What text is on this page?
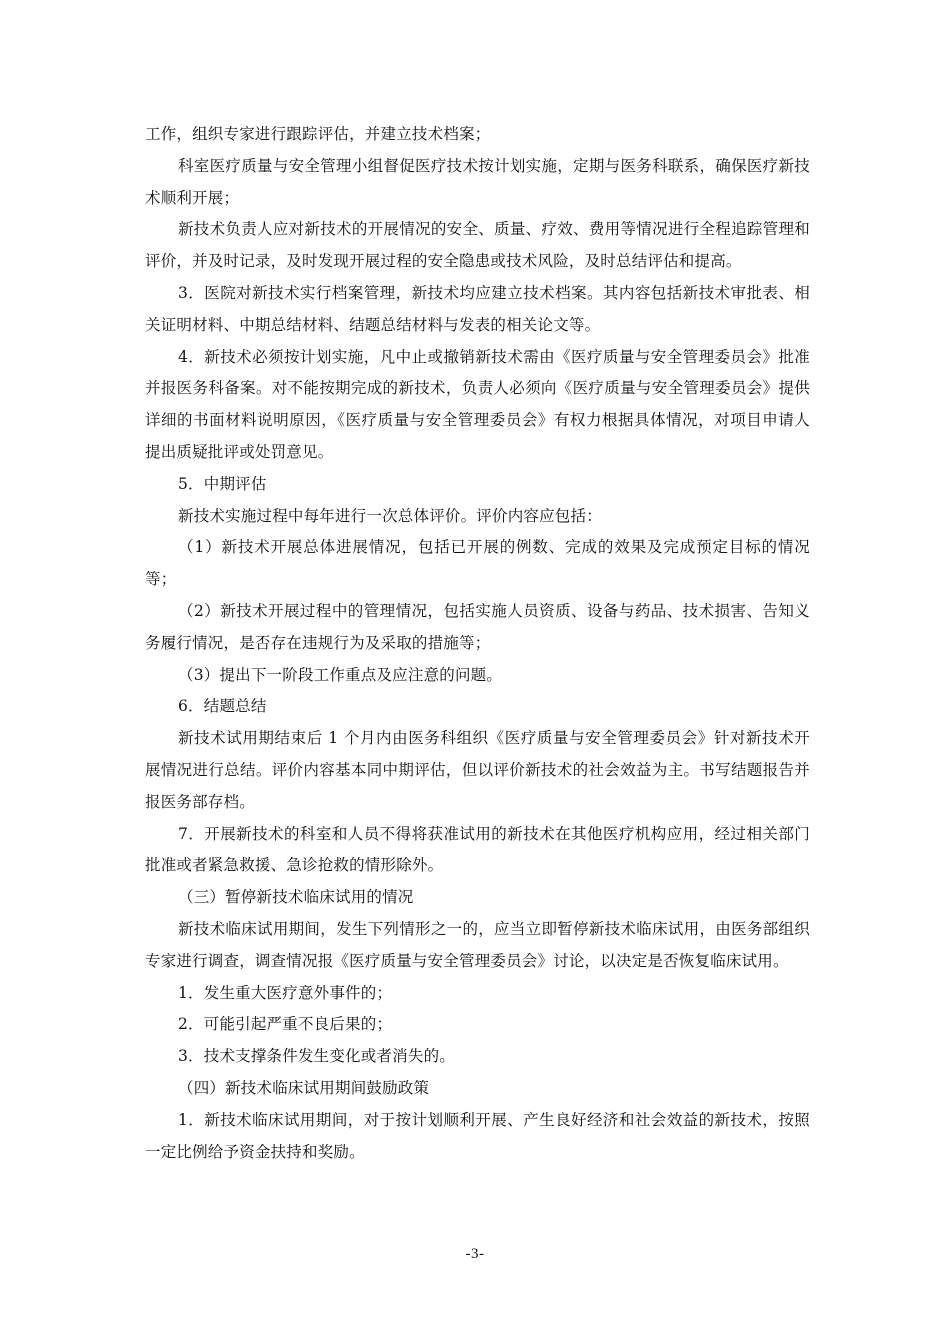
工作，组织专家进行跟踪评估，并建立技术档案；

科室医疗质量与安全管理小组督促医疗技术按计划实施，定期与医务科联系，确保医疗新技术顺利开展；

新技术负责人应对新技术的开展情况的安全、质量、疗效、费用等情况进行全程追踪管理和评价，并及时记录，及时发现开展过程的安全隐患或技术风险，及时总结评估和提高。

3．医院对新技术实行档案管理，新技术均应建立技术档案。其内容包括新技术审批表、相关证明材料、中期总结材料、结题总结材料与发表的相关论文等。

4．新技术必须按计划实施，凡中止或撤销新技术需由《医疗质量与安全管理委员会》批准并报医务科备案。对不能按期完成的新技术，负责人必须向《医疗质量与安全管理委员会》提供详细的书面材料说明原因，《医疗质量与安全管理委员会》有权力根据具体情况，对项目申请人提出质疑批评或处罚意见。

5．中期评估

新技术实施过程中每年进行一次总体评价。评价内容应包括：

（1）新技术开展总体进展情况，包括已开展的例数、完成的效果及完成预定目标的情况等；

（2）新技术开展过程中的管理情况，包括实施人员资质、设备与药品、技术损害、告知义务履行情况，是否存在违规行为及采取的措施等；

（3）提出下一阶段工作重点及应注意的问题。

6．结题总结

新技术试用期结束后 1 个月内由医务科组织《医疗质量与安全管理委员会》针对新技术开展情况进行总结。评价内容基本同中期评估，但以评价新技术的社会效益为主。书写结题报告并报医务部存档。

7．开展新技术的科室和人员不得将获准试用的新技术在其他医疗机构应用，经过相关部门批准或者紧急救援、急诊抢救的情形除外。

（三）暂停新技术临床试用的情况

新技术临床试用期间，发生下列情形之一的，应当立即暂停新技术临床试用，由医务部组织专家进行调查，调查情况报《医疗质量与安全管理委员会》讨论，以决定是否恢复临床试用。

1．发生重大医疗意外事件的；

2．可能引起严重不良后果的；

3．技术支撑条件发生变化或者消失的。

（四）新技术临床试用期间鼓励政策

1．新技术临床试用期间，对于按计划顺利开展、产生良好经济和社会效益的新技术，按照一定比例给予资金扶持和奖励。

-3-
